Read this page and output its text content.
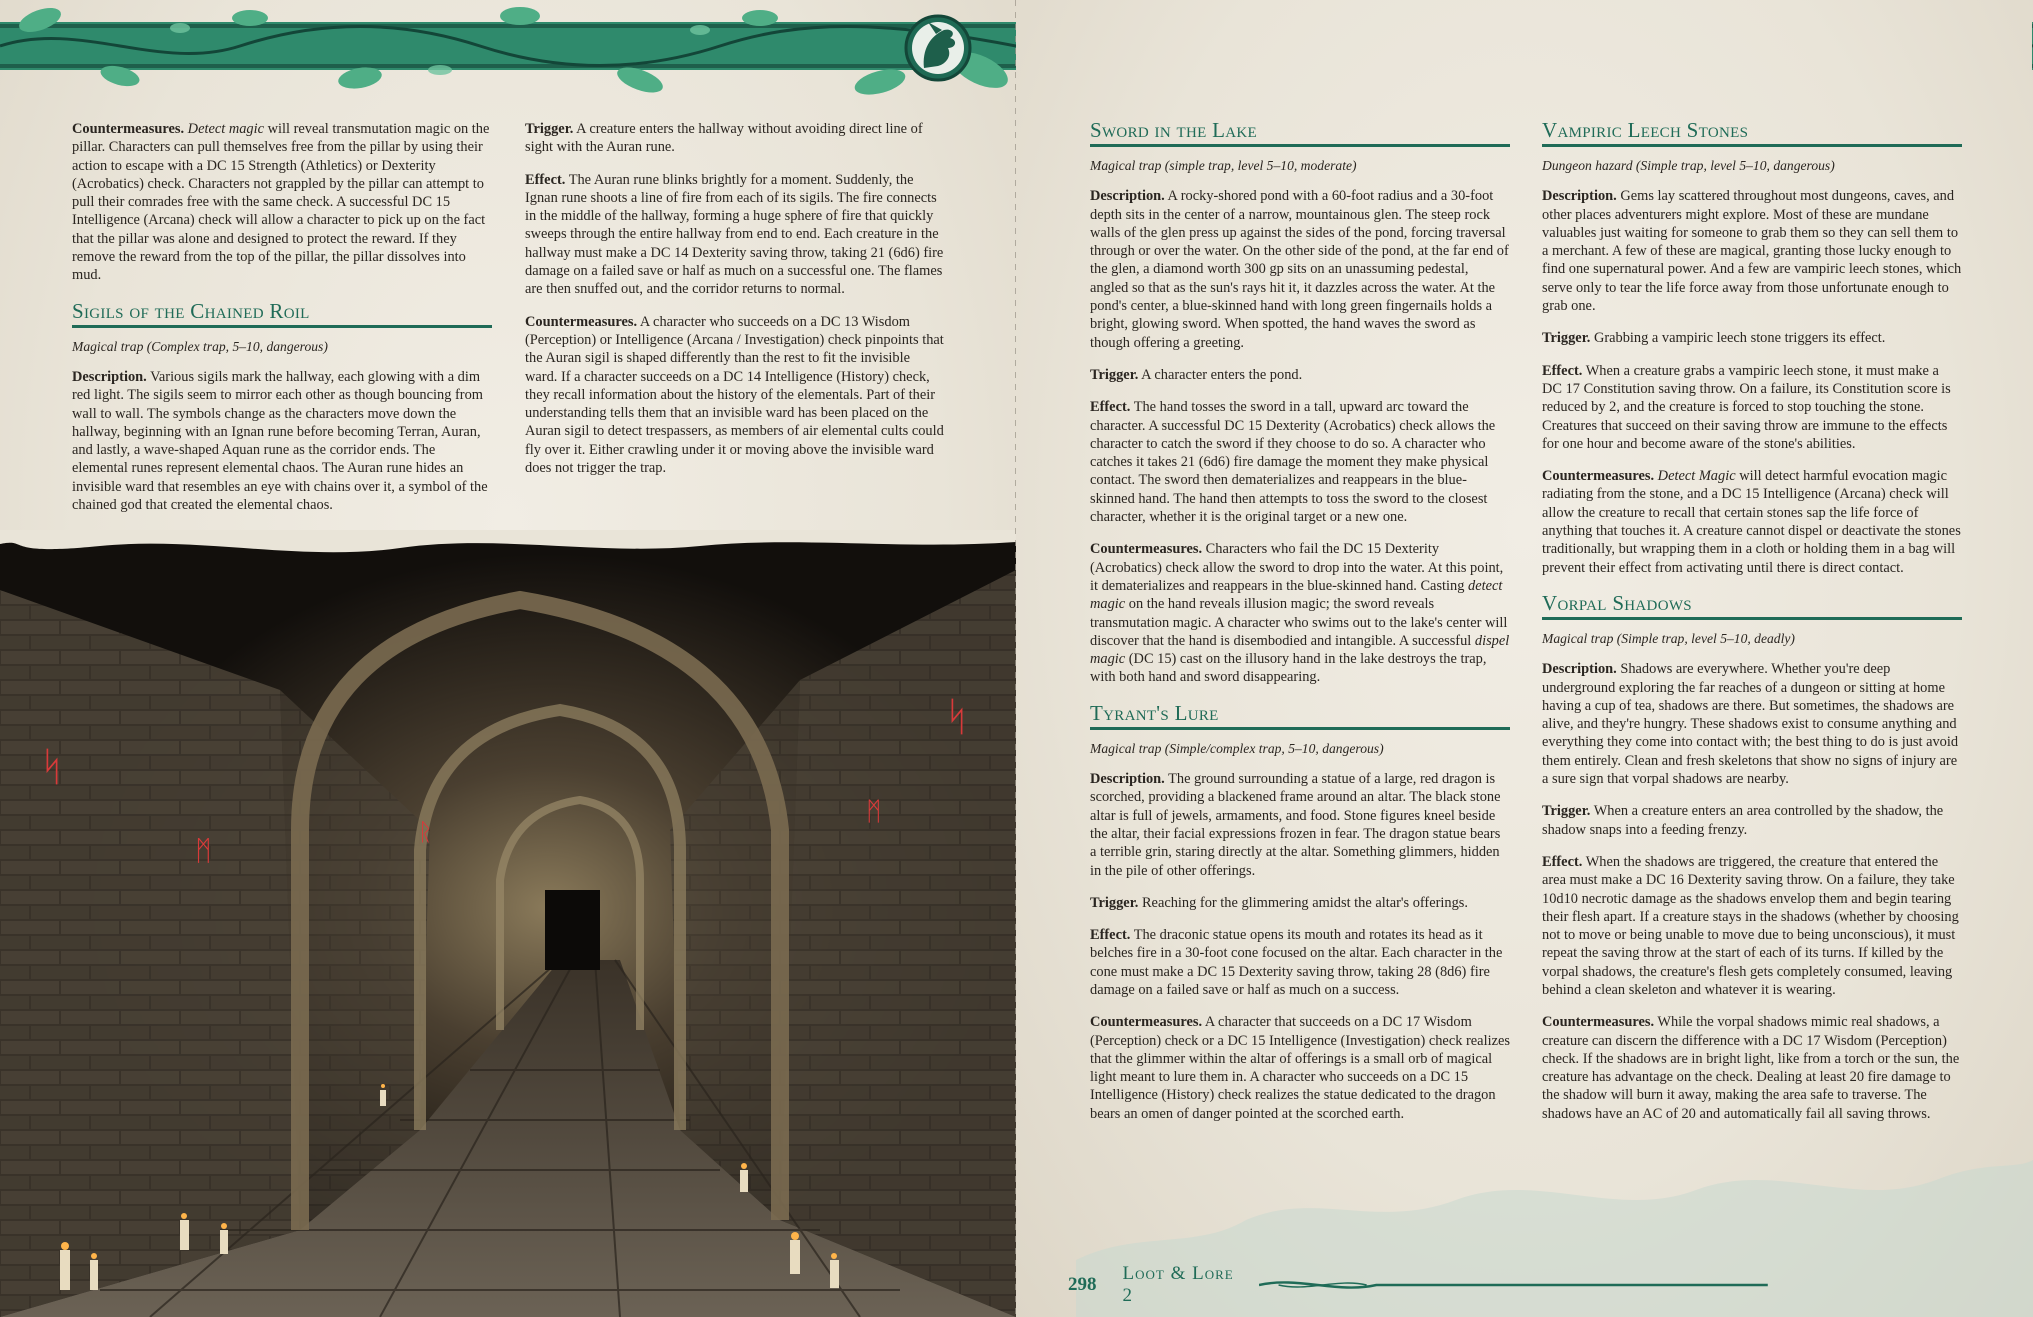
Countermeasures. Detect magic will reveal transmutation magic on the pillar. Characters can pull themselves free from the pillar by using their action to escape with a DC 15 Strength (Athletics) or Dexterity (Acrobatics) check. Characters not grappled by the pillar can attempt to pull their comrades free with the same check. A successful DC 15 Intelligence (Arcana) check will allow a character to pick up on the fact that the pillar was alone and designed to protect the reward. If they remove the reward from the top of the pillar, the pillar dissolves into mud.

Sigils of the Chained Roil
Magical trap (Complex trap, 5–10, dangerous)

Description. Various sigils mark the hallway, each glowing with a dim red light. The sigils seem to mirror each other as though bouncing from wall to wall. The symbols change as the characters move down the hallway, beginning with an Ignan rune before becoming Terran, Auran, and lastly, a wave-shaped Aquan rune as the corridor ends. The elemental runes represent elemental chaos. The Auran rune hides an invisible ward that resembles an eye with chains over it, a symbol of the chained god that created the elemental chaos.

Trigger. A creature enters the hallway without avoiding direct line of sight with the Auran rune.

Effect. The Auran rune blinks brightly for a moment. Suddenly, the Ignan rune shoots a line of fire from each of its sigils. The fire connects in the middle of the hallway, forming a huge sphere of fire that quickly sweeps through the entire hallway from end to end. Each creature in the hallway must make a DC 14 Dexterity saving throw, taking 21 (6d6) fire damage on a failed save or half as much on a successful one. The flames are then snuffed out, and the corridor returns to normal.

Countermeasures. A character who succeeds on a DC 13 Wisdom (Perception) or Intelligence (Arcana / Investigation) check pinpoints that the Auran sigil is shaped differently than the rest to fit the invisible ward. If a character succeeds on a DC 14 Intelligence (History) check, they recall information about the history of the elementals. Part of their understanding tells them that an invisible ward has been placed on the Auran sigil to detect trespassers, as members of air elemental cults could fly over it. Either crawling under it or moving above the invisible ward does not trigger the trap.

ᛋ
ᛗ
ᚱ
ᛋ
ᛗ
Sword in the Lake
Magical trap (simple trap, level 5–10, moderate)

Description. A rocky-shored pond with a 60-foot radius and a 30-foot depth sits in the center of a narrow, mountainous glen. The steep rock walls of the glen press up against the sides of the pond, forcing traversal through or over the water. On the other side of the pond, at the far end of the glen, a diamond worth 300 gp sits on an unassuming pedestal, angled so that as the sun's rays hit it, it dazzles across the water. At the pond's center, a blue-skinned hand with long green fingernails holds a bright, glowing sword. When spotted, the hand waves the sword as though offering a greeting.

Trigger. A character enters the pond.

Effect. The hand tosses the sword in a tall, upward arc toward the character. A successful DC 15 Dexterity (Acrobatics) check allows the character to catch the sword if they choose to do so. A character who catches it takes 21 (6d6) fire damage the moment they make physical contact. The sword then dematerializes and reappears in the blue-skinned hand. The hand then attempts to toss the sword to the closest character, whether it is the original target or a new one.

Countermeasures. Characters who fail the DC 15 Dexterity (Acrobatics) check allow the sword to drop into the water. At this point, it dematerializes and reappears in the blue-skinned hand. Casting detect magic on the hand reveals illusion magic; the sword reveals transmutation magic. A character who swims out to the lake's center will discover that the hand is disembodied and intangible. A successful dispel magic (DC 15) cast on the illusory hand in the lake destroys the trap, with both hand and sword disappearing.

Tyrant's Lure
Magical trap (Simple/complex trap, 5–10, dangerous)

Description. The ground surrounding a statue of a large, red dragon is scorched, providing a blackened frame around an altar. The black stone altar is full of jewels, armaments, and food. Stone figures kneel beside the altar, their facial expressions frozen in fear. The dragon statue bears a terrible grin, staring directly at the altar. Something glimmers, hidden in the pile of other offerings.

Trigger. Reaching for the glimmering amidst the altar's offerings.

Effect. The draconic statue opens its mouth and rotates its head as it belches fire in a 30-foot cone focused on the altar. Each character in the cone must make a DC 15 Dexterity saving throw, taking 28 (8d6) fire damage on a failed save or half as much on a success.

Countermeasures. A character that succeeds on a DC 17 Wisdom (Perception) check or a DC 15 Intelligence (Investigation) check realizes that the glimmer within the altar of offerings is a small orb of magical light meant to lure them in. A character who succeeds on a DC 15 Intelligence (History) check realizes the statue dedicated to the dragon bears an omen of danger pointed at the scorched earth.

Vampiric Leech Stones
Dungeon hazard (Simple trap, level 5–10, dangerous)

Description. Gems lay scattered throughout most dungeons, caves, and other places adventurers might explore. Most of these are mundane valuables just waiting for someone to grab them so they can sell them to a merchant. A few of these are magical, granting those lucky enough to find one supernatural power. And a few are vampiric leech stones, which serve only to tear the life force away from those unfortunate enough to grab one.

Trigger. Grabbing a vampiric leech stone triggers its effect.

Effect. When a creature grabs a vampiric leech stone, it must make a DC 17 Constitution saving throw. On a failure, its Constitution score is reduced by 2, and the creature is forced to stop touching the stone. Creatures that succeed on their saving throw are immune to the effects for one hour and become aware of the stone's abilities.

Countermeasures. Detect Magic will detect harmful evocation magic radiating from the stone, and a DC 15 Intelligence (Arcana) check will allow the creature to recall that certain stones sap the life force of anything that touches it. A creature cannot dispel or deactivate the stones traditionally, but wrapping them in a cloth or holding them in a bag will prevent their effect from activating until there is direct contact.

Vorpal Shadows
Magical trap (Simple trap, level 5–10, deadly)

Description. Shadows are everywhere. Whether you're deep underground exploring the far reaches of a dungeon or sitting at home having a cup of tea, shadows are there. But sometimes, the shadows are alive, and they're hungry. These shadows exist to consume anything and everything they come into contact with; the best thing to do is just avoid them entirely. Clean and fresh skeletons that show no signs of injury are a sure sign that vorpal shadows are nearby.

Trigger. When a creature enters an area controlled by the shadow, the shadow snaps into a feeding frenzy.

Effect. When the shadows are triggered, the creature that entered the area must make a DC 16 Dexterity saving throw. On a failure, they take 10d10 necrotic damage as the shadows envelop them and begin tearing their flesh apart. If a creature stays in the shadows (whether by choosing not to move or being unable to move due to being unconscious), it must repeat the saving throw at the start of each of its turns. If killed by the vorpal shadows, the creature's flesh gets completely consumed, leaving behind a clean skeleton and whatever it is wearing.

Countermeasures. While the vorpal shadows mimic real shadows, a creature can discern the difference with a DC 17 Wisdom (Perception) check. If the shadows are in bright light, like from a torch or the sun, the creature has advantage on the check. Dealing at least 20 fire damage to the shadow will burn it away, making the area safe to traverse. The shadows have an AC of 20 and automatically fail all saving throws.

298
Loot & Lore 2
